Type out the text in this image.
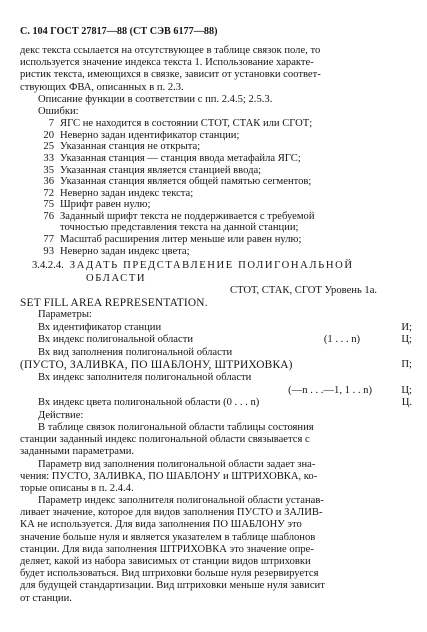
С. 104 ГОСТ 27817—88 (СТ СЭВ 6177—88)
декс текста ссылается на отсутствующее в таблице связок поле, то
используется значение индекса текста 1. Использование характе-
ристик текста, имеющихся в связке, зависит от установки соответ-
ствующих ФВА, описанных в п. 2.3.
Описание функции в соответствии с пп. 2.4.5; 2.5.3.
Ошибки:
7 ЯГС не находится в состоянии СТОТ, СТАК или СГОТ;
20 Неверно задан идентификатор станции;
25 Указанная станция не открыта;
33 Указанная станция — станция ввода метафайла ЯГС;
35 Указанная станция является станцией ввода;
36 Указанная станция является общей памятью сегментов;
72 Неверно задан индекс текста;
75 Шрифт равен нулю;
76 Заданный шрифт текста не поддерживается с требуемой
точностью представления текста на данной станции;
77 Масштаб расширения литер меньше или равен нулю;
93 Неверно задан индекс цвета;
3.4.2.4. ЗАДАТЬ ПРЕДСТАВЛЕНИЕ ПОЛИГОНАЛЬНОЙ
ОБЛАСТИ
СТОТ, СТАК, СГОТ Уровень 1а.
SET FILL AREA REPRESENTATION.
Параметры:
Вх идентификатор станции	И;
Вх индекс полигональной области	(1 . . . n)	Ц;
Вх вид заполнения полигональной области
(ПУСТО, ЗАЛИВКА, ПО ШАБЛОНУ, ШТРИХОВКА)	П;
Вх индекс заполнителя полигональной области
(—n . . .—1, 1 . . n)	Ц;
Вх индекс цвета полигональной области (0 . . . n)	Ц.
Действие:
В таблице связок полигональной области таблицы состояния
станции заданный индекс полигональной области связывается с
заданными параметрами.
Параметр вид заполнения полигональной области задает зна-
чения: ПУСТО, ЗАЛИВКА, ПО ШАБЛОНУ и ШТРИХОВКА, ко-
торые описаны в п. 2.4.4.
Параметр индекс заполнителя полигональной области устанав-
ливает значение, которое для видов заполнения ПУСТО и ЗАЛИВ-
КА не используется. Для вида заполнения ПО ШАБЛОНУ это
значение больше нуля и является указателем в таблице шаблонов
станции. Для вида заполнения ШТРИХОВКА это значение опре-
деляет, какой из набора зависимых от станции видов штриховки
будет использоваться. Вид штриховки больше нуля резервируется
для будущей стандартизации. Вид штриховки меньше нуля зависит
от станции.
